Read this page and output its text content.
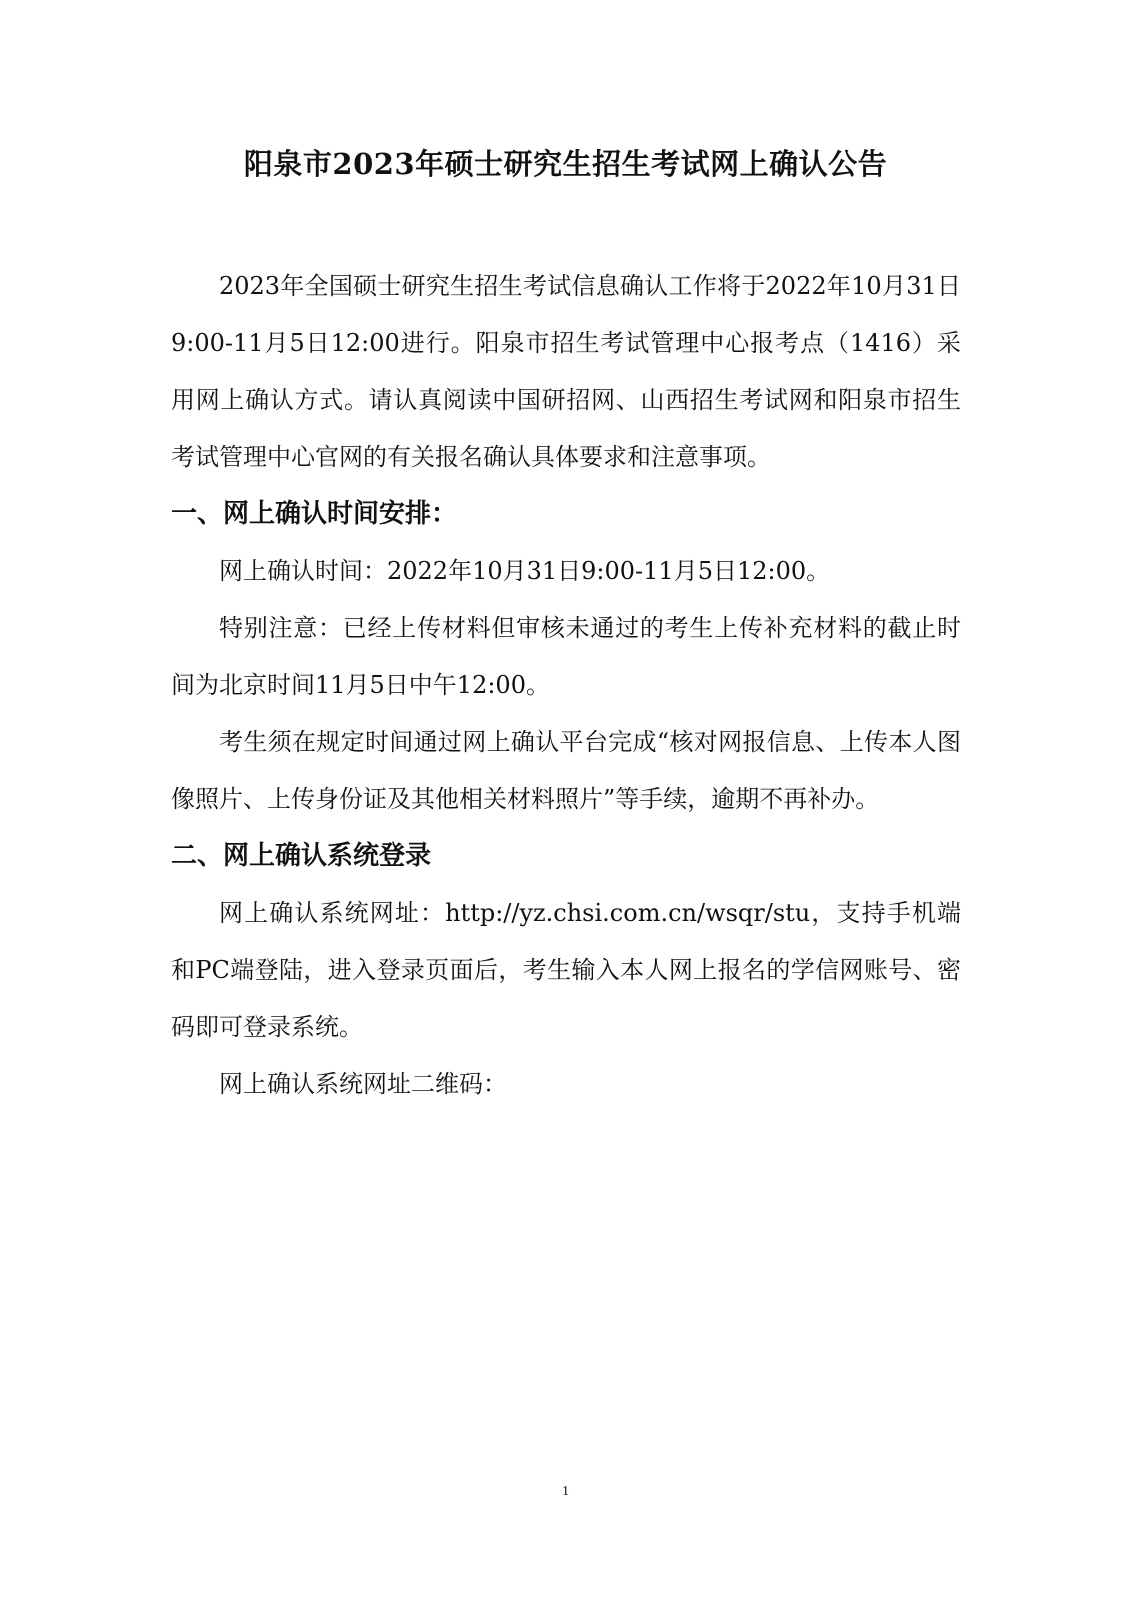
阳泉市2023年硕士研究生招生考试网上确认公告

2023年全国硕士研究生招生考试信息确认工作将于2022年10月31日9:00-11月5日12:00进行。阳泉市招生考试管理中心报考点（1416）采用网上确认方式。请认真阅读中国研招网、山西招生考试网和阳泉市招生考试管理中心官网的有关报名确认具体要求和注意事项。

一、网上确认时间安排：

网上确认时间：2022年10月31日9:00-11月5日12:00。

特别注意：已经上传材料但审核未通过的考生上传补充材料的截止时间为北京时间11月5日中午12:00。

考生须在规定时间通过网上确认平台完成“核对网报信息、上传本人图像照片、上传身份证及其他相关材料照片”等手续，逾期不再补办。

二、网上确认系统登录

网上确认系统网址：http://yz.chsi.com.cn/wsqr/stu，支持手机端和PC端登陆，进入登录页面后，考生输入本人网上报名的学信网账号、密码即可登录系统。

网上确认系统网址二维码：

1
